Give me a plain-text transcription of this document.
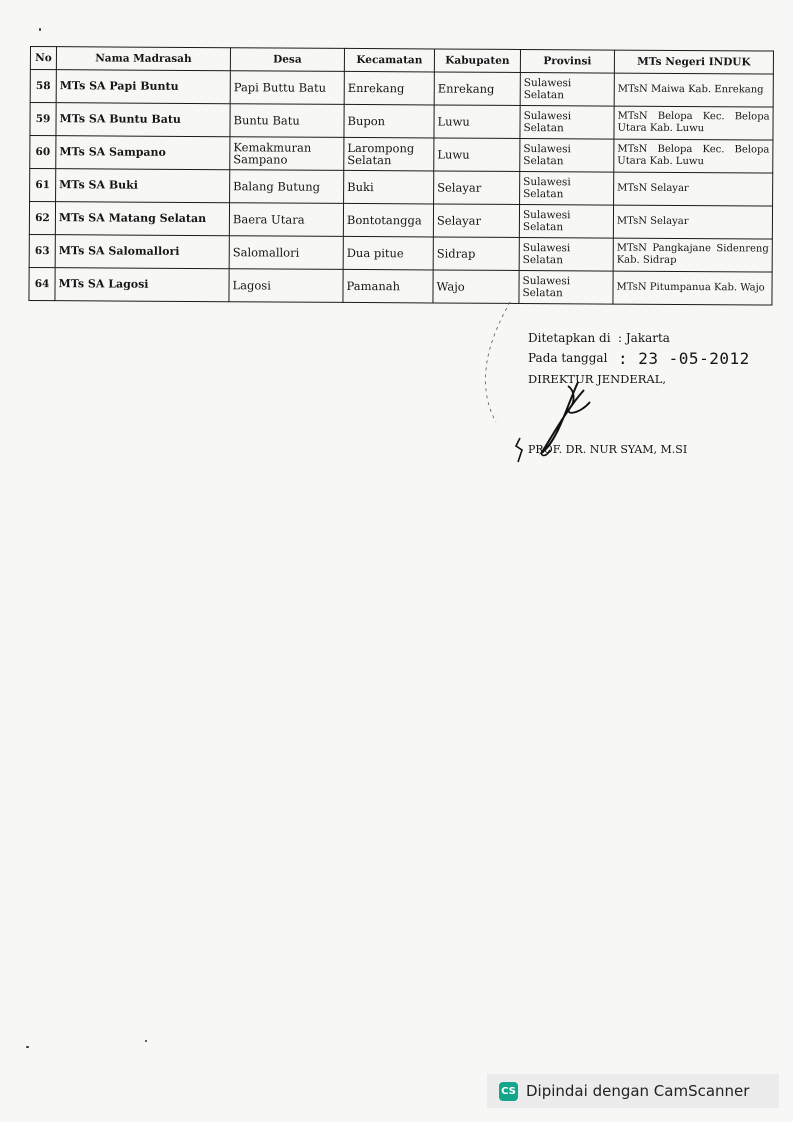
No	Nama Madrasah	Desa	Kecamatan	Kabupaten	Provinsi	MTs Negeri INDUK
58	MTs SA Papi Buntu	Papi Buttu Batu	Enrekang	Enrekang	Sulawesi Selatan	MTsN Maiwa Kab. Enrekang
59	MTs SA Buntu Batu	Buntu Batu	Bupon	Luwu	Sulawesi Selatan	MTsN Belopa Kec. Belopa Utara Kab. Luwu
60	MTs SA Sampano	Kemakmuran Sampano	Larompong Selatan	Luwu	Sulawesi Selatan	MTsN Belopa Kec. Belopa Utara Kab. Luwu
61	MTs SA Buki	Balang Butung	Buki	Selayar	Sulawesi Selatan	MTsN Selayar
62	MTs SA Matang Selatan	Baera Utara	Bontotangga	Selayar	Sulawesi Selatan	MTsN Selayar
63	MTs SA Salomallori	Salomallori	Dua pitue	Sidrap	Sulawesi Selatan	MTsN Pangkajane Sidenreng Kab. Sidrap
64	MTs SA Lagosi	Lagosi	Pamanah	Wajo	Sulawesi Selatan	MTsN Pitumpanua Kab. Wajo
Ditetapkan di : Jakarta
Pada tanggal : 23 -05-2012
DIREKTUR JENDERAL,
PROF. DR. NUR SYAM, M.SI
CS Dipindai dengan CamScanner
